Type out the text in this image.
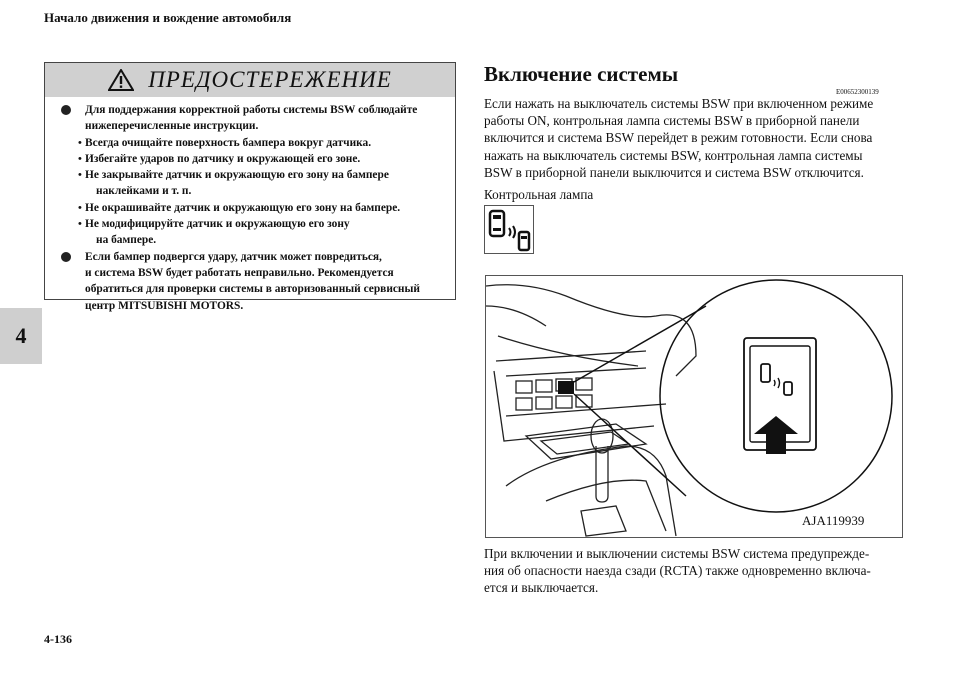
Начало движения и вождение автомобиля
4
ПРЕДОСТЕРЕЖЕНИЕ
Для поддержания корректной работы системы BSW соблюдайте
нижеперечисленные инструкции.
• Всегда очищайте поверхность бампера вокруг датчика.
• Избегайте ударов по датчику и окружающей его зоне.
• Не закрывайте датчик и окружающую его зону на бампере
наклейками и т. п.
• Не окрашивайте датчик и окружающую его зону на бампере.
• Не модифицируйте датчик и окружающую его зону
на бампере.
Если бампер подвергся удару, датчик может повредиться,
и система BSW будет работать неправильно. Рекомендуется
обратиться для проверки системы в авторизованный сервисный
центр MITSUBISHI MOTORS.
Включение системы
E00652300139
Если нажать на выключатель системы BSW при включенном режиме
работы ON, контрольная лампа системы BSW в приборной панели
включится и система BSW перейдет в режим готовности. Если снова
нажать на выключатель системы BSW, контрольная лампа системы
BSW в приборной панели выключится и система BSW отключится.
Контрольная лампа
AJA119939
При включении и выключении системы BSW система предупрежде-
ния об опасности наезда сзади (RCTA) также одновременно включа-
ется и выключается.
4-136
